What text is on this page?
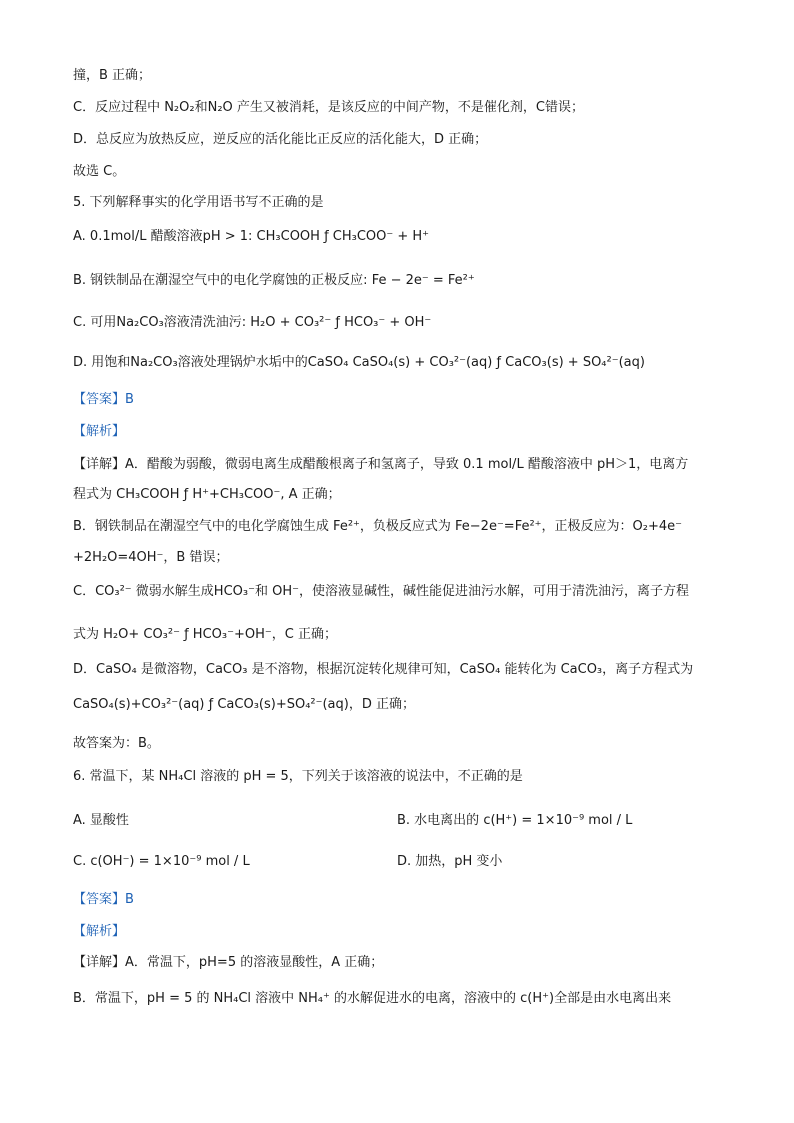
撞，B 正确；
C．反应过程中 N₂O₂和N₂O 产生又被消耗，是该反应的中间产物，不是催化剂，C错误；
D．总反应为放热反应，逆反应的活化能比正反应的活化能大，D 正确；
故选 C。
5. 下列解释事实的化学用语书写不正确的是
A. 0.1mol/L 醋酸溶液pH > 1: CH₃COOH ƒ CH₃COO⁻ + H⁺
B. 钢铁制品在潮湿空气中的电化学腐蚀的正极反应: Fe − 2e⁻ = Fe²⁺
C. 可用Na₂CO₃溶液清洗油污: H₂O + CO₃²⁻ ƒ HCO₃⁻ + OH⁻
D. 用饱和Na₂CO₃溶液处理锅炉水垢中的CaSO₄ CaSO₄(s) + CO₃²⁻(aq) ƒ CaCO₃(s) + SO₄²⁻(aq)
【答案】B
【解析】
【详解】A．醋酸为弱酸，微弱电离生成醋酸根离子和氢离子，导致 0.1 mol/L 醋酸溶液中 pH＞1，电离方
程式为 CH₃COOH ƒ H⁺+CH₃COO⁻, A 正确；
B．钢铁制品在潮湿空气中的电化学腐蚀生成 Fe²⁺，负极反应式为 Fe−2e⁻=Fe²⁺，正极反应为：O₂+4e⁻
+2H₂O=4OH⁻，B 错误；
C．CO₃²⁻ 微弱水解生成HCO₃⁻和 OH⁻，使溶液显碱性，碱性能促进油污水解，可用于清洗油污，离子方程
式为 H₂O+ CO₃²⁻ ƒ HCO₃⁻+OH⁻，C 正确；
D．CaSO₄ 是微溶物，CaCO₃ 是不溶物，根据沉淀转化规律可知，CaSO₄ 能转化为 CaCO₃，离子方程式为
CaSO₄(s)+CO₃²⁻(aq) ƒ CaCO₃(s)+SO₄²⁻(aq)，D 正确；
故答案为：B。
6. 常温下，某 NH₄Cl 溶液的 pH = 5，下列关于该溶液的说法中，不正确的是
A. 显酸性	B. 水电离出的 c(H⁺) = 1×10⁻⁹ mol / L
C. c(OH⁻) = 1×10⁻⁹ mol / L	D. 加热，pH 变小
【答案】B
【解析】
【详解】A．常温下，pH=5 的溶液显酸性，A 正确；
B．常温下，pH = 5 的 NH₄Cl 溶液中 NH₄⁺ 的水解促进水的电离，溶液中的 c(H⁺)全部是由水电离出来
